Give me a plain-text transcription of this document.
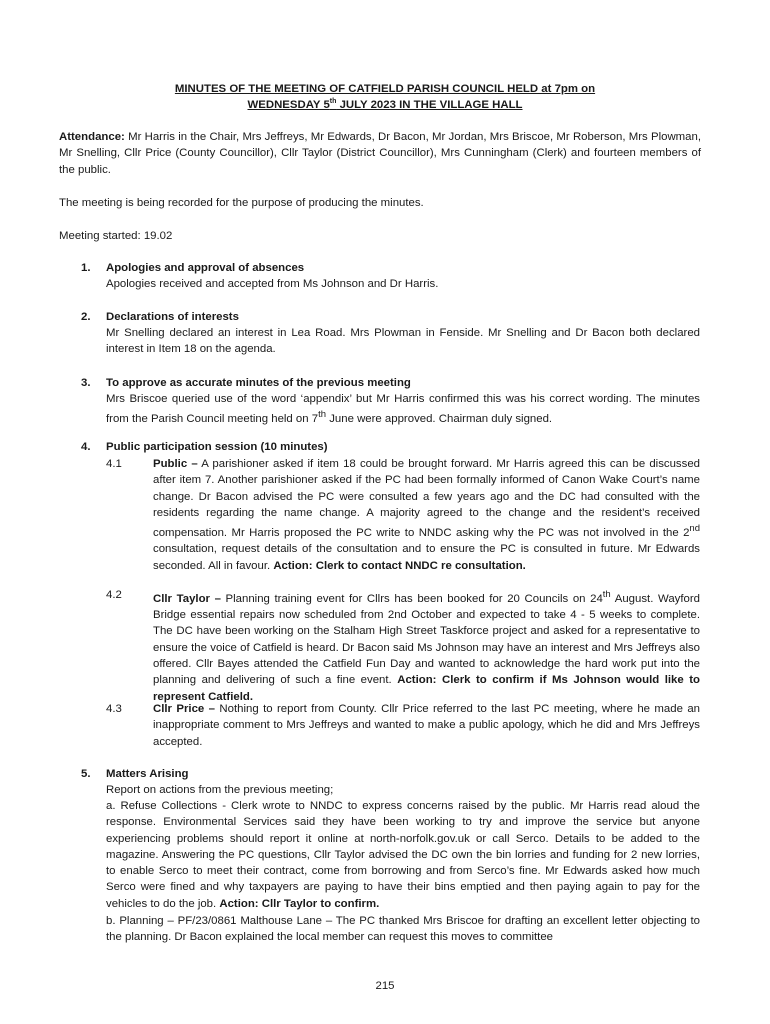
MINUTES OF THE MEETING OF CATFIELD PARISH COUNCIL HELD at 7pm on
WEDNESDAY 5th JULY 2023 IN THE VILLAGE HALL
Attendance: Mr Harris in the Chair, Mrs Jeffreys, Mr Edwards, Dr Bacon, Mr Jordan, Mrs Briscoe, Mr Roberson, Mrs Plowman, Mr Snelling, Cllr Price (County Councillor), Cllr Taylor (District Councillor), Mrs Cunningham (Clerk) and fourteen members of the public.
The meeting is being recorded for the purpose of producing the minutes.
Meeting started: 19.02
1. Apologies and approval of absences
Apologies received and accepted from Ms Johnson and Dr Harris.
2. Declarations of interests
Mr Snelling declared an interest in Lea Road. Mrs Plowman in Fenside. Mr Snelling and Dr Bacon both declared interest in Item 18 on the agenda.
3. To approve as accurate minutes of the previous meeting
Mrs Briscoe queried use of the word ‘appendix’ but Mr Harris confirmed this was his correct wording. The minutes from the Parish Council meeting held on 7th June were approved. Chairman duly signed.
4. Public participation session (10 minutes)
4.1	Public – A parishioner asked if item 18 could be brought forward. Mr Harris agreed this can be discussed after item 7. Another parishioner asked if the PC had been formally informed of Canon Wake Court’s name change. Dr Bacon advised the PC were consulted a few years ago and the DC had consulted with the residents regarding the name change. A majority agreed to the change and the resident’s received compensation. Mr Harris proposed the PC write to NNDC asking why the PC was not involved in the 2nd consultation, request details of the consultation and to ensure the PC is consulted in future. Mr Edwards seconded. All in favour. Action: Clerk to contact NNDC re consultation.
4.2	Cllr Taylor – Planning training event for Cllrs has been booked for 20 Councils on 24th August. Wayford Bridge essential repairs now scheduled from 2nd October and expected to take 4 - 5 weeks to complete. The DC have been working on the Stalham High Street Taskforce project and asked for a representative to ensure the voice of Catfield is heard. Dr Bacon said Ms Johnson may have an interest and Mrs Jeffreys also offered. Cllr Bayes attended the Catfield Fun Day and wanted to acknowledge the hard work put into the planning and delivering of such a fine event. Action: Clerk to confirm if Ms Johnson would like to represent Catfield.
4.3	Cllr Price – Nothing to report from County. Cllr Price referred to the last PC meeting, where he made an inappropriate comment to Mrs Jeffreys and wanted to make a public apology, which he did and Mrs Jeffreys accepted.
5. Matters Arising
Report on actions from the previous meeting;
a. Refuse Collections - Clerk wrote to NNDC to express concerns raised by the public. Mr Harris read aloud the response. Environmental Services said they have been working to try and improve the service but anyone experiencing problems should report it online at north-norfolk.gov.uk or call Serco. Details to be added to the magazine. Answering the PC questions, Cllr Taylor advised the DC own the bin lorries and funding for 2 new lorries, to enable Serco to meet their contract, come from borrowing and from Serco’s fine. Mr Edwards asked how much Serco were fined and why taxpayers are paying to have their bins emptied and then paying again to pay for the vehicles to do the job. Action: Cllr Taylor to confirm.
b. Planning – PF/23/0861 Malthouse Lane – The PC thanked Mrs Briscoe for drafting an excellent letter objecting to the planning. Dr Bacon explained the local member can request this moves to committee
215
